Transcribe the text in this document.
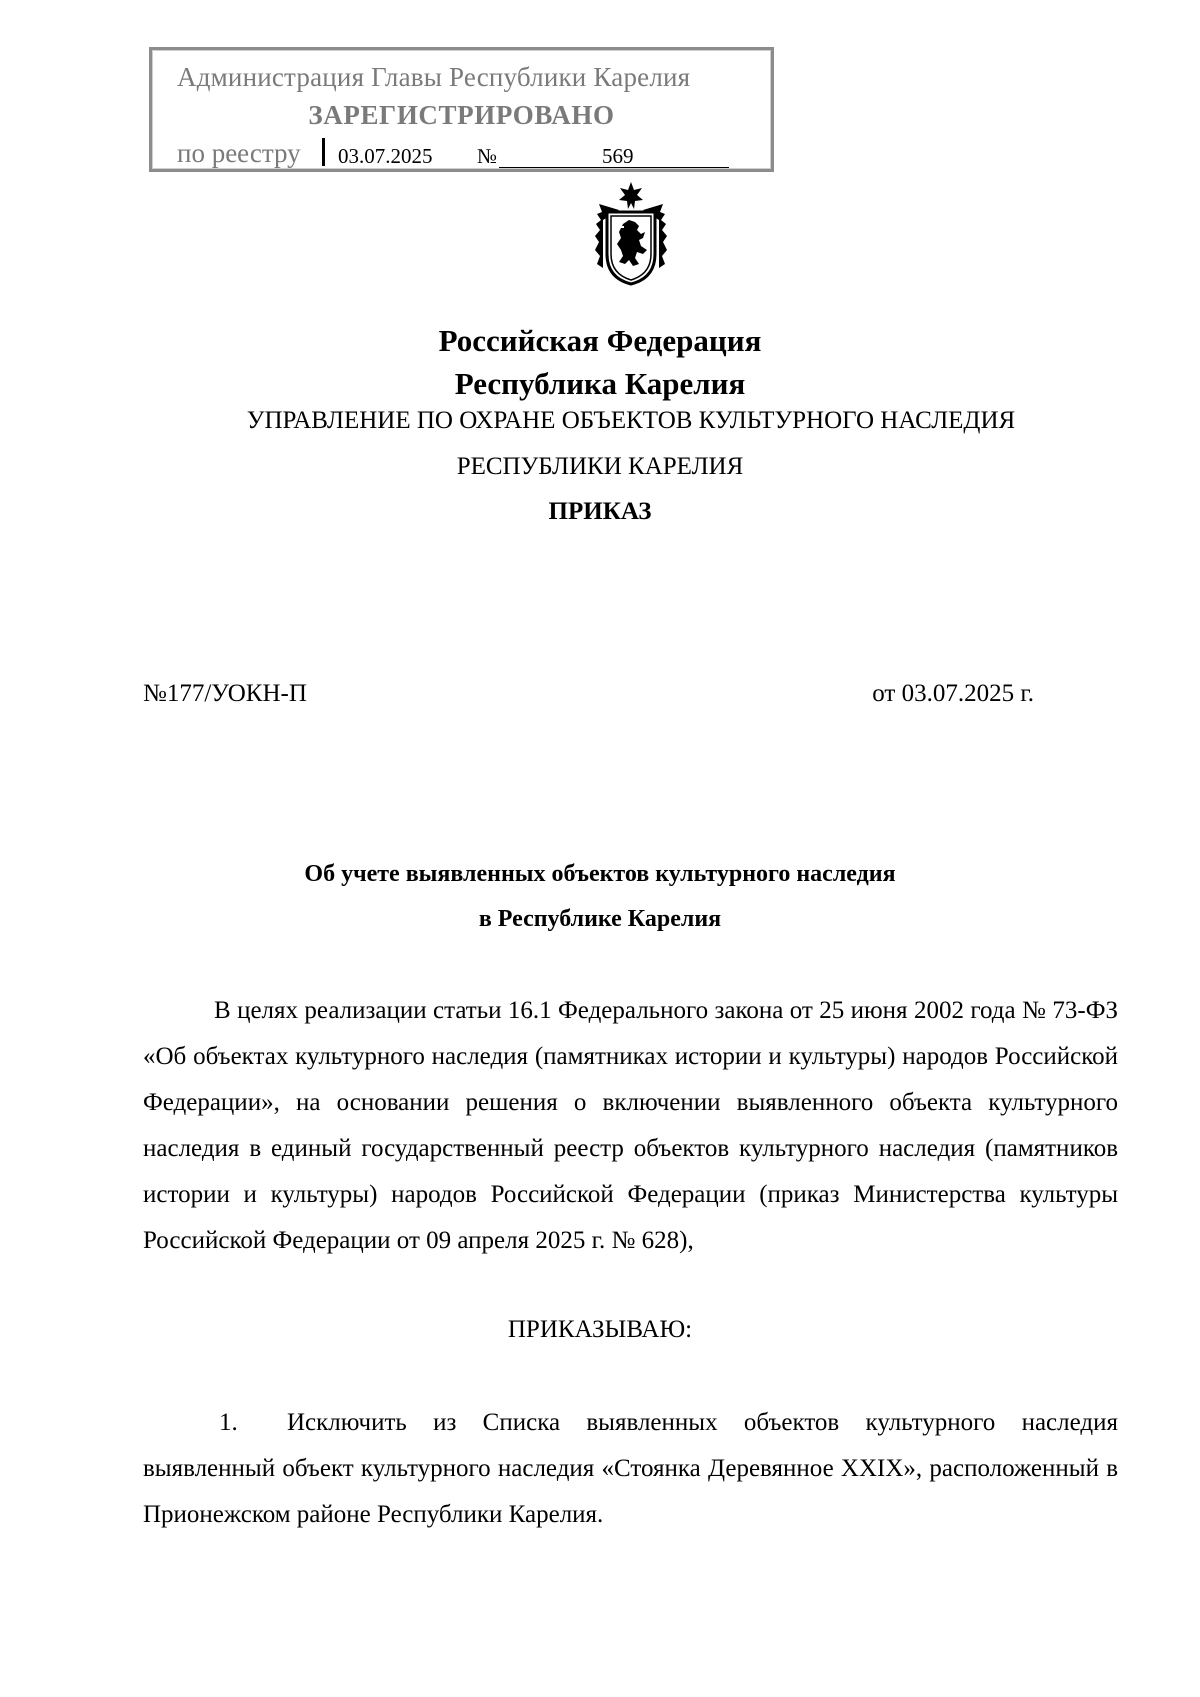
Администрация Главы Республики Карелия
ЗАРЕГИСТРИРОВАНО
по реестру 03.07.2025 №	569
Российская Федерация
Республика Карелия
УПРАВЛЕНИЕ ПО ОХРАНЕ ОБЪЕКТОВ КУЛЬТУРНОГО НАСЛЕДИЯ
РЕСПУБЛИКИ КАРЕЛИЯ
ПРИКАЗ
№177/УОКН-П	от 03.07.2025 г.
Об учете выявленных объектов культурного наследия
в Республике Карелия
В целях реализации статьи 16.1 Федерального закона от 25 июня 2002 года № 73-ФЗ «Об объектах культурного наследия (памятниках истории и культуры) народов Российской Федерации», на основании решения о включении выявленного объекта культурного наследия в единый государственный реестр объектов культурного наследия (памятников истории и культуры) народов Российской Федерации (приказ Министерства культуры Российской Федерации от 09 апреля 2025 г. № 628),
ПРИКАЗЫВАЮ:
1. Исключить из Списка выявленных объектов культурного наследия выявленный объект культурного наследия «Стоянка Деревянное XXIX», расположенный в Прионежском районе Республики Карелия.
